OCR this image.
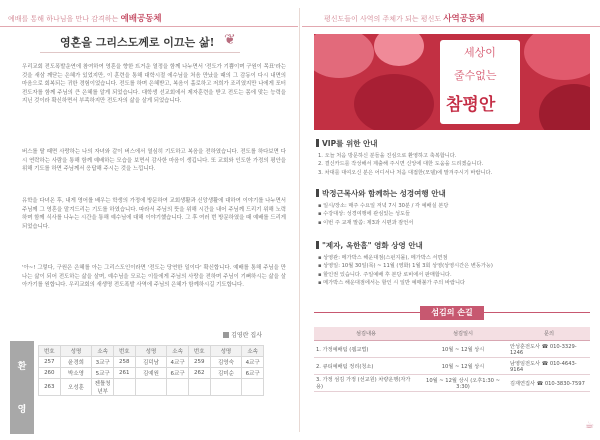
예배를 통해 하나님을 만나 감격하는 예배공동체
영혼을 그리스도께로 이끄는 삶! ❦
우리교회 전도폭발운연에 참여하여 영혼을 향한 뜨거운 열정을 함께 나누면서 '전도가 기쁨이며 구원이 목표'라는 것을 새삼 깨닫는 은혜가 있었지만, 이 훈련을 통해 대학시절 에수님을 처음 만났을 때의 그 감동이 다시 내면의 마음으로 회복되는 귀한 경험이었습니다. 전도를 하며 은혜받고, 복음이 홀로하고 저희가 조리였지만 나에게 포터 전도자를 함께 주님의 큰 은혜를 알게 되었습니다. 대학생 선교회에서 제자훈련을 받고 전도는 몸에 맞는 능력을 지닌 것이라 확신하면서 부족하지만 전도자의 삶을 살게 되었습니다.
버스를 탈 때면 사랑하는 나의 자녀와 같이 버스에서 열심히 기도하고 복음을 전하였습니다. 전도를 하다보면 다시 연락하는 사람을 통해 함께 예배하는 모습을 보면서 감사한 마음이 생깁니다. 또 교회와 인도한 가정의 평안을 위해 기도를 하면 주님께서 응답해 주시는 것을 느낍니다.
유학을 다녀온 후, 내게 영어를 배우는 학생의 가정에 방문하여 교회생활과 신앙생활에 대하여 이야기를 나누면서 주님께 그 영혼을 맡겨드리는 기도를 하였습니다. 따라서 주님의 뜻을 위해 시간을 내어 주님께 드리기 위해 노력하며 함께 식사를 나누는 시간을 통해 예수님에 대해 이야기했습니다. 그 후 여러 번 방문하였을 때 예배를 드리게 되었습니다.
'아~! 그렇다, 구원은 은혜를 아는 그리스도인이라면 '전도는 당연한 일이다' 확신합니다. 예배를 통해 주님을 만나는 삶이 되어 전도하는 삶을 살며, 예수님을 모르는 이들에게 주님의 사랑을 전하며 주님이 기뻐하시는 삶을 살아가기를 원합니다. 우리교회의 새생명 전도폭발 사역에 주님의 은혜가 함께하시길 기도합니다.
김영란 집사
환
영
번호	성명	소속	번호	성명	소속	번호	성명	소속
257	윤경희	3교구	258	김덕남	4교구	259	김영숙	4교구
260	박소영	5교구	261	김예원	6교구	262	김미순	6교구
263	오성훈	젠틀청년부						
평신도들이 사역의 주체가 되는 평신도 사역공동체
세상이
줄수없는
참평안
VIP를 위한 안내
1. 오늘 처음 방문하신 분들을 진심으로 환영하고 축복합니다.
2. 결신카드를 작성해서 제출해 주시면 신앙에 대한 도움을 드리겠습니다.
3. 차대를 대여오신 분은 어디서나 처음 대접한(모델)에 말겨주시기 바랍니다.
박정근목사와 함께하는 성경여행 안내
▪ 일시/장소: 매주 수요일 저녁 7시 30분 / 각 예배실 본당
▪ 수강대상: 성경여행에 관심있는 성도들
▪ 이번 주 교재 말씀: 제3과 시편과 잠언서
"제자, 옥한흠" 영화 상영 안내
▪ 상영관: 메가박스 해운대점(스펀지몰), 메가박스 서면점
▪ 상영일: 10월 30일(목) ~ 11월 (영화) 1월 3회 상영(상영시간은 변동가능)
▪ 할인권 있습니다. 주일예배 후 본당 로비에서 판매합니다.
▪ 메가박스 해운대점에서는 할인 시 일반 예매불가 주의 바랍니다
섬김의 손길
섬김내용	섬김일시	문의
1. 가정예배팀 (웹교법)	10월 ~ 12월 상시	안성훈전도사 ☎ 010-3329-1246
2. 큐티예배팀 정리(청소)	10월 ~ 12월 상시	남영임전도사 ☎ 010-4643-9164
3. 가정 섬김 가정 (선교원) 차량운행(자가용)	10월 ~ 12월 상시 (오후1:30 ~ 3:30)	김재연집사 ☎ 010-3830-7597
☕
